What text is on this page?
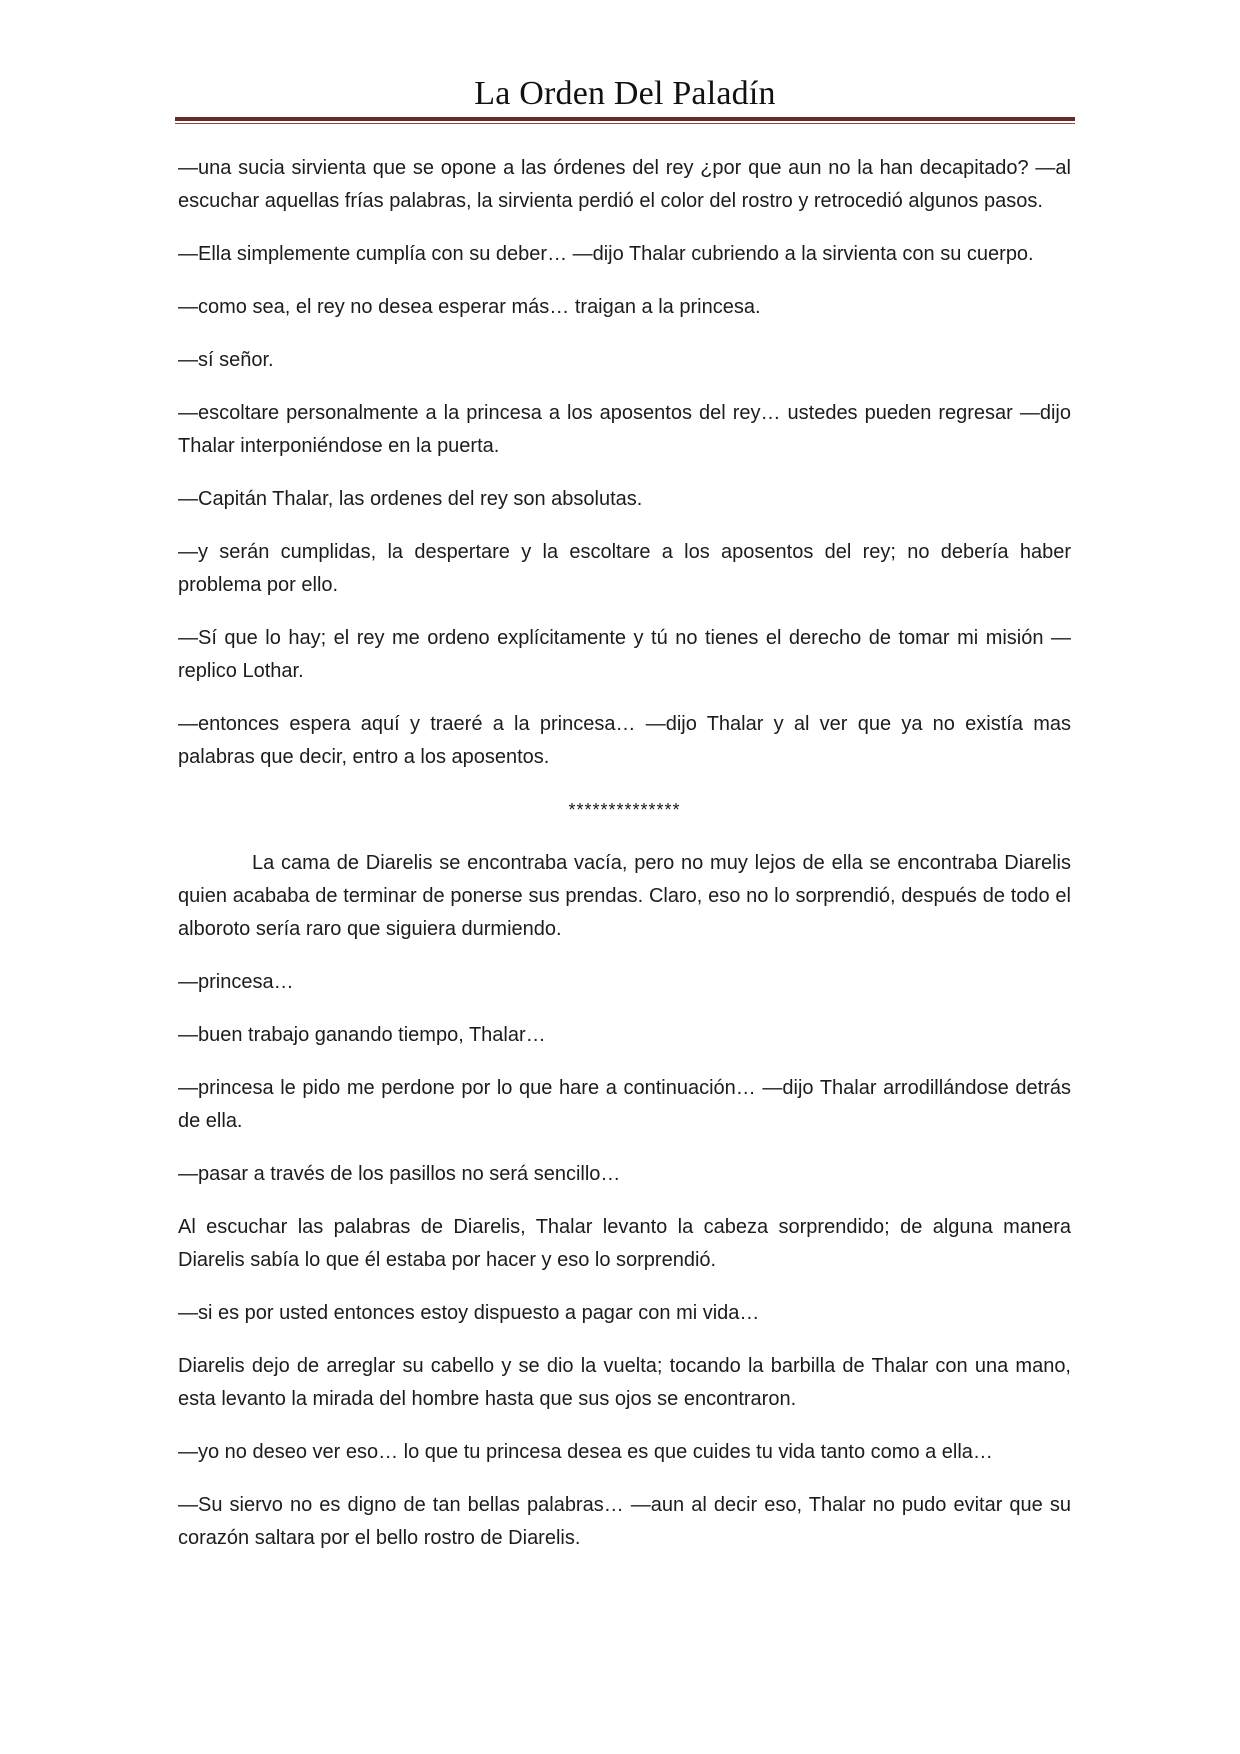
La Orden Del Paladín

—una sucia sirvienta que se opone a las órdenes del rey ¿por que aun no la han decapitado? —al escuchar aquellas frías palabras, la sirvienta perdió el color del rostro y retrocedió algunos pasos.

—Ella simplemente cumplía con su deber… —dijo Thalar cubriendo a la sirvienta con su cuerpo.

—como sea, el rey no desea esperar más… traigan a la princesa.

—sí señor.

—escoltare personalmente a la princesa a los aposentos del rey… ustedes pueden regresar —dijo Thalar interponiéndose en la puerta.

—Capitán Thalar, las ordenes del rey son absolutas.

—y serán cumplidas, la despertare y la escoltare a los aposentos del rey; no debería haber problema por ello.

—Sí que lo hay; el rey me ordeno explícitamente y tú no tienes el derecho de tomar mi misión —replico Lothar.

—entonces espera aquí y traeré a la princesa… —dijo Thalar y al ver que ya no existía mas palabras que decir, entro a los aposentos.

**************

La cama de Diarelis se encontraba vacía, pero no muy lejos de ella se encontraba Diarelis quien acababa de terminar de ponerse sus prendas. Claro, eso no lo sorprendió, después de todo el alboroto sería raro que siguiera durmiendo.

—princesa…

—buen trabajo ganando tiempo, Thalar…

—princesa le pido me perdone por lo que hare a continuación… —dijo Thalar arrodillándose detrás de ella.

—pasar a través de los pasillos no será sencillo…

Al escuchar las palabras de Diarelis, Thalar levanto la cabeza sorprendido; de alguna manera Diarelis sabía lo que él estaba por hacer y eso lo sorprendió.

—si es por usted entonces estoy dispuesto a pagar con mi vida…

Diarelis dejo de arreglar su cabello y se dio la vuelta; tocando la barbilla de Thalar con una mano, esta levanto la mirada del hombre hasta que sus ojos se encontraron.

—yo no deseo ver eso… lo que tu princesa desea es que cuides tu vida tanto como a ella…

—Su siervo no es digno de tan bellas palabras… —aun al decir eso, Thalar no pudo evitar que su corazón saltara por el bello rostro de Diarelis.
